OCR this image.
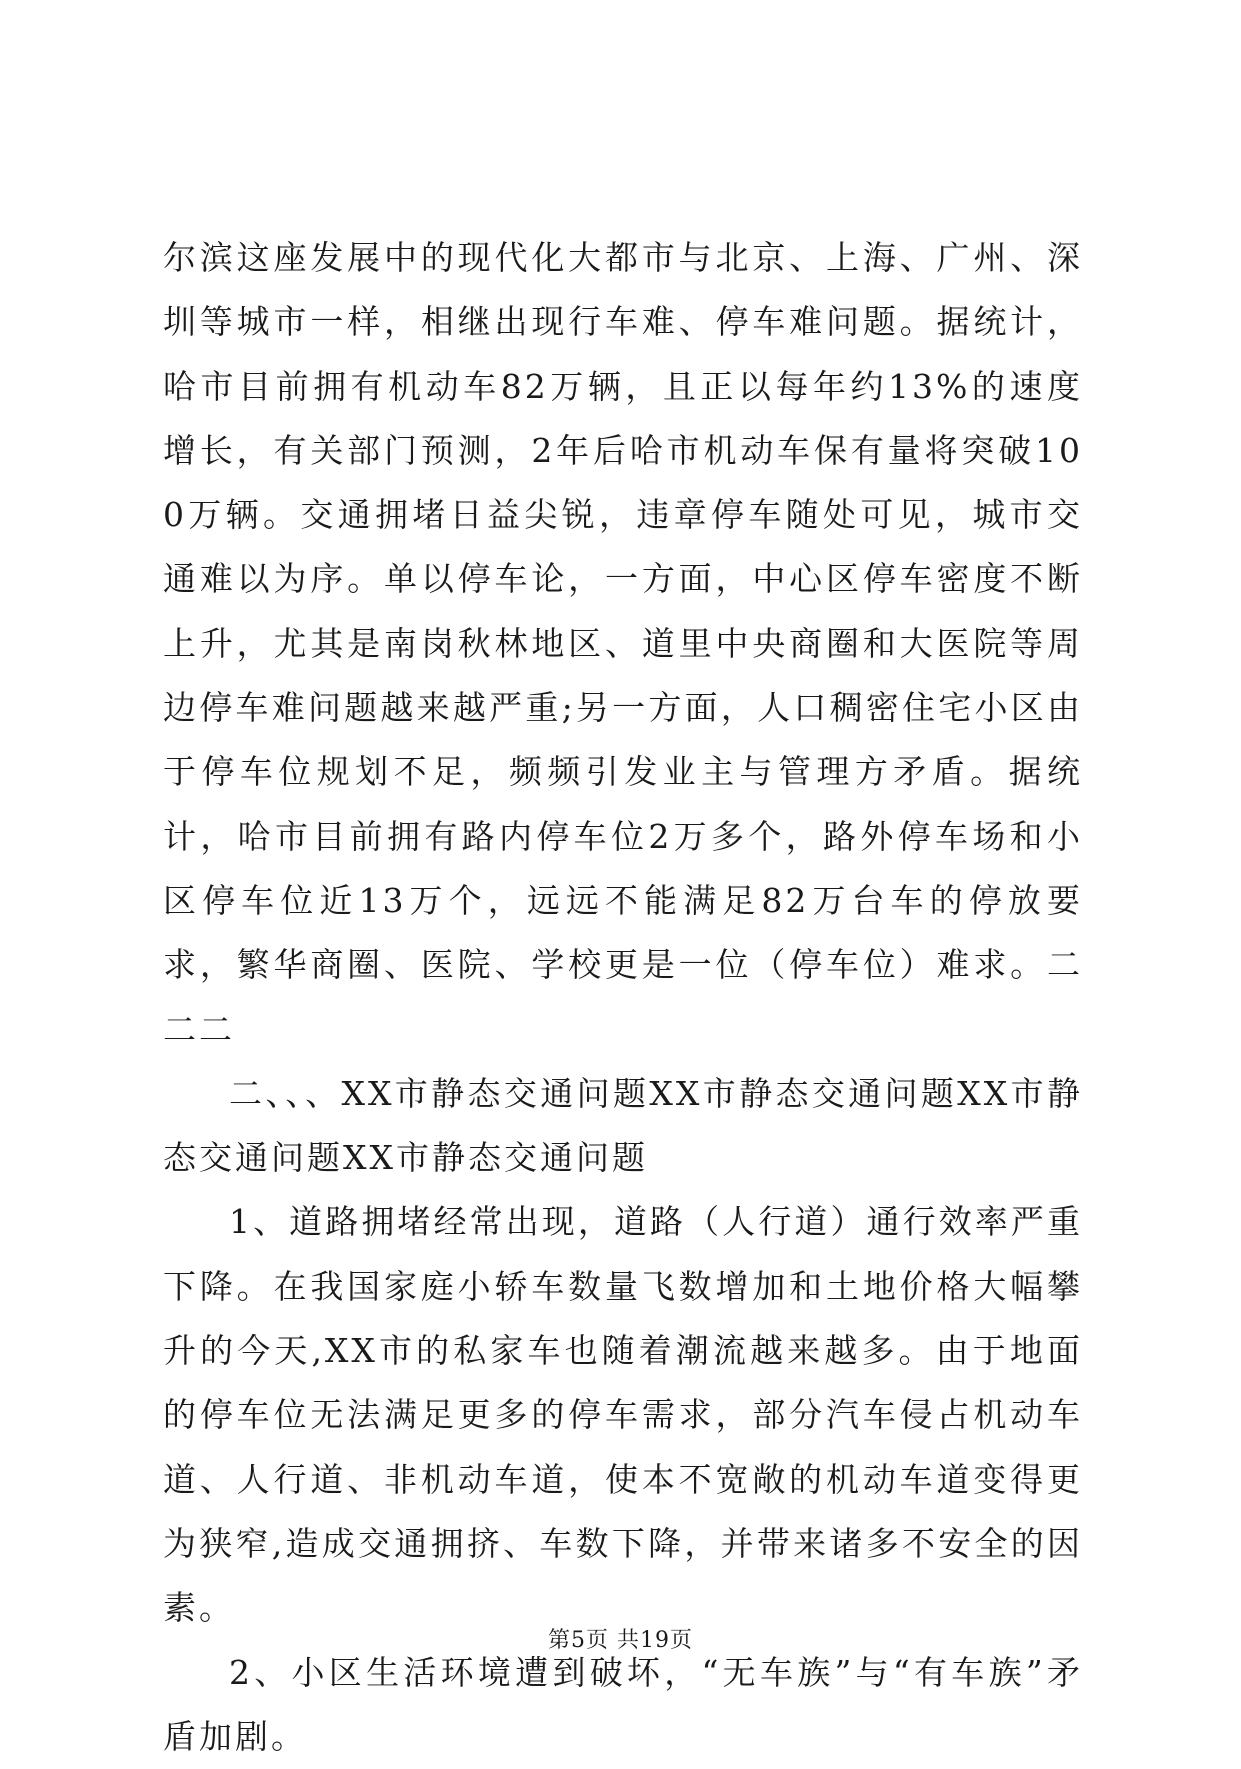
尔滨这座发展中的现代化大都市与北京、上海、广州、深圳等城市一样，相继出现行车难、停车难问题。据统计，哈市目前拥有机动车82万辆，且正以每年约13%的速度增长，有关部门预测，2年后哈市机动车保有量将突破100万辆。交通拥堵日益尖锐，违章停车随处可见，城市交通难以为序。单以停车论，一方面，中心区停车密度不断上升，尤其是南岗秋林地区、道里中央商圈和大医院等周边停车难问题越来越严重;另一方面，人口稠密住宅小区由于停车位规划不足，频频引发业主与管理方矛盾。据统计，哈市目前拥有路内停车位2万多个，路外停车场和小区停车位近13万个，远远不能满足82万台车的停放要求，繁华商圈、医院、学校更是一位（停车位）难求。二二二

二、、、XX市静态交通问题XX市静态交通问题XX市静态交通问题XX市静态交通问题

1、道路拥堵经常出现，道路（人行道）通行效率严重下降。在我国家庭小轿车数量飞数增加和土地价格大幅攀升的今天,XX市的私家车也随着潮流越来越多。由于地面的停车位无法满足更多的停车需求，部分汽车侵占机动车道、人行道、非机动车道，使本不宽敞的机动车道变得更为狭窄,造成交通拥挤、车数下降，并带来诸多不安全的因素。

2、小区生活环境遭到破坏，“无车族”与“有车族”矛盾加剧。

第5页 共19页
